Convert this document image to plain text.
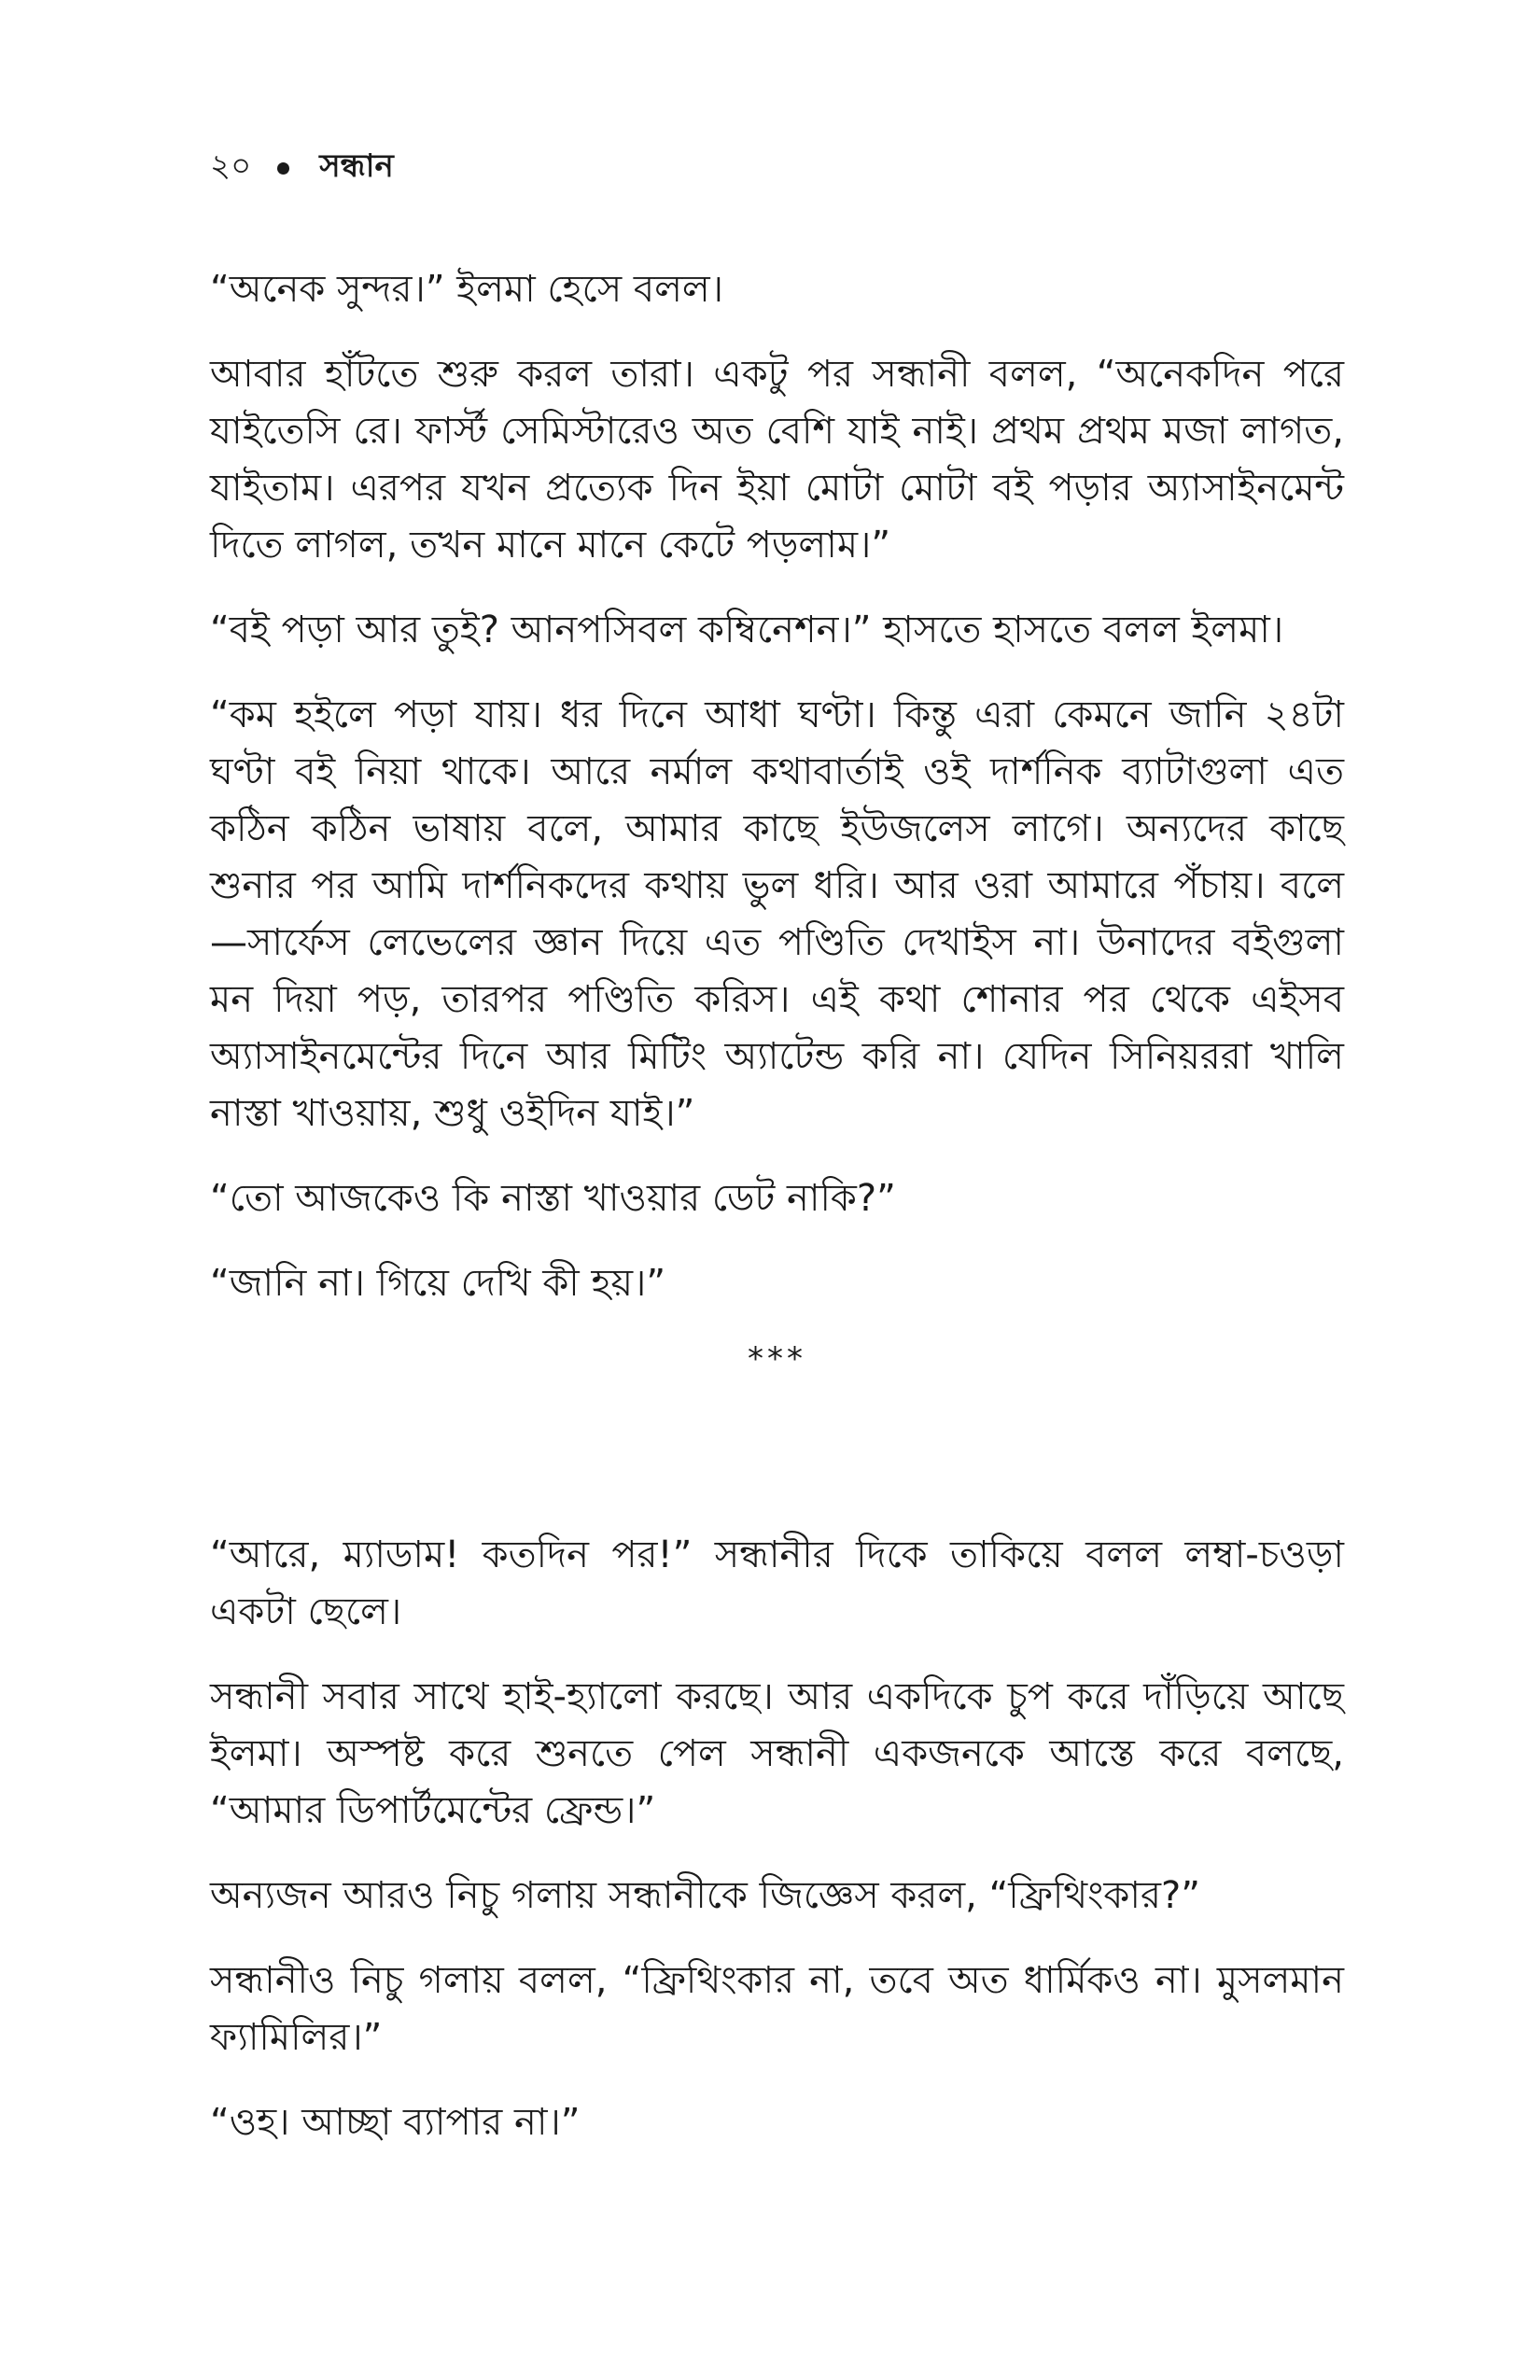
২০ সন্ধান

“অনেক সুন্দর।” ইলমা হেসে বলল।

আবার হাঁটতে শুরু করল তারা। একটু পর সন্ধানী বলল, “অনেকদিন পরে যাইতেসি রে। ফার্স্ট সেমিস্টারেও অত বেশি যাই নাই। প্রথম প্রথম মজা লাগত, যাইতাম। এরপর যখন প্রত্যেক দিন ইয়া মোটা মোটা বই পড়ার অ্যাসাইনমেন্ট দিতে লাগল, তখন মানে মানে কেটে পড়লাম।”

“বই পড়া আর তুই? আনপসিবল কম্বিনেশন।” হাসতে হাসতে বলল ইলমা।

“কম হইলে পড়া যায়। ধর দিনে আধা ঘণ্টা। কিন্তু এরা কেমনে জানি ২৪টা ঘণ্টা বই নিয়া থাকে। আরে নর্মাল কথাবার্তাই ওই দার্শনিক ব্যাটাগুলা এত কঠিন কঠিন ভাষায় বলে, আমার কাছে ইউজলেস লাগে। অন্যদের কাছে শুনার পর আমি দার্শনিকদের কথায় ভুল ধরি। আর ওরা আমারে পঁচায়। বলে—সার্ফেস লেভেলের জ্ঞান দিয়ে এত পণ্ডিতি দেখাইস না। উনাদের বইগুলা মন দিয়া পড়, তারপর পণ্ডিতি করিস। এই কথা শোনার পর থেকে এইসব অ্যাসাইনমেন্টের দিনে আর মিটিং অ্যাটেন্ড করি না। যেদিন সিনিয়ররা খালি নাস্তা খাওয়ায়, শুধু ওইদিন যাই।”

“তো আজকেও কি নাস্তা খাওয়ার ডেট নাকি?”

“জানি না। গিয়ে দেখি কী হয়।”

***

“আরে, ম্যাডাম! কতদিন পর!” সন্ধানীর দিকে তাকিয়ে বলল লম্বা-চওড়া একটা ছেলে।

সন্ধানী সবার সাথে হাই-হ্যালো করছে। আর একদিকে চুপ করে দাঁড়িয়ে আছে ইলমা। অস্পষ্ট করে শুনতে পেল সন্ধানী একজনকে আস্তে করে বলছে, “আমার ডিপার্টমেন্টের ফ্রেন্ড।”

অন্যজন আরও নিচু গলায় সন্ধানীকে জিজ্ঞেস করল, “ফ্রিথিংকার?”

সন্ধানীও নিচু গলায় বলল, “ফ্রিথিংকার না, তবে অত ধার্মিকও না। মুসলমান ফ্যামিলির।”

“ওহ। আচ্ছা ব্যাপার না।”
